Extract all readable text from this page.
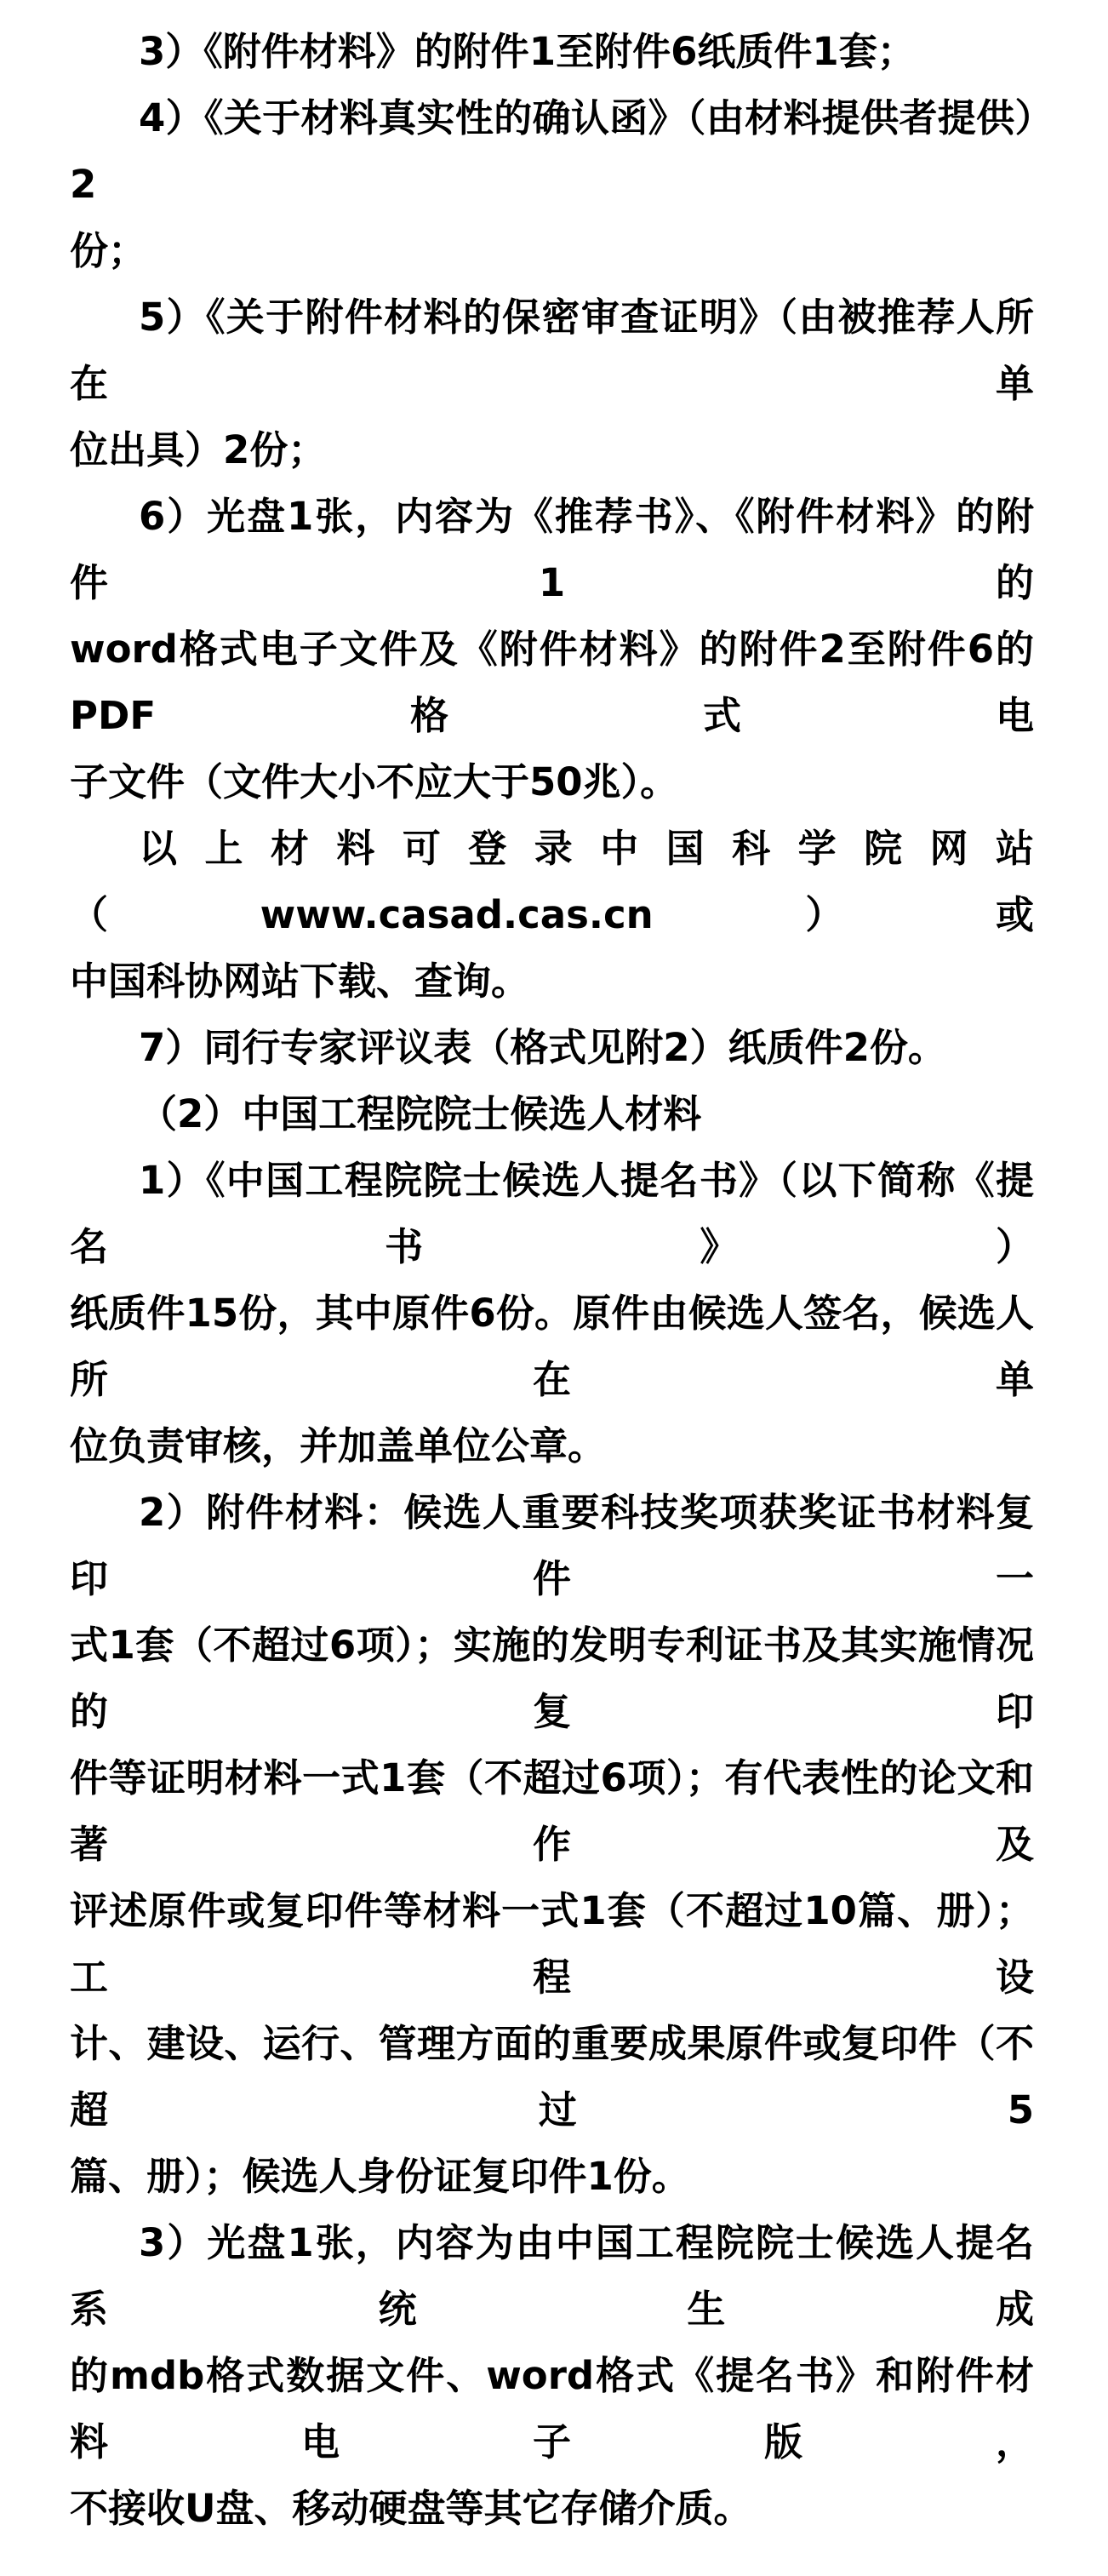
3）《附件材料》的附件1至附件6纸质件1套；

4）《关于材料真实性的确认函》（由材料提供者提供）2

份；

5）《关于附件材料的保密审查证明》（由被推荐人所在单

位出具）2份；

6）光盘1张，内容为《推荐书》、《附件材料》的附件1的

word格式电子文件及《附件材料》的附件2至附件6的PDF格式电

子文件（文件大小不应大于50兆）。

以上材料可登录中国科学院网站（www.casad.cas.cn）或

中国科协网站下载、查询。

7）同行专家评议表（格式见附2）纸质件2份。

（2）中国工程院院士候选人材料

1）《中国工程院院士候选人提名书》（以下简称《提名书》）

纸质件15份，其中原件6份。原件由候选人签名，候选人所在单

位负责审核，并加盖单位公章。

2）附件材料：候选人重要科技奖项获奖证书材料复印件一

式1套（不超过6项）；实施的发明专利证书及其实施情况的复印

件等证明材料一式1套（不超过6项）；有代表性的论文和著作及

评述原件或复印件等材料一式1套（不超过10篇、册）；工程设

计、建设、运行、管理方面的重要成果原件或复印件（不超过5

篇、册）；候选人身份证复印件1份。

3）光盘1张，内容为由中国工程院院士候选人提名系统生成

的mdb格式数据文件、word格式《提名书》和附件材料电子版，

不接收U盘、移动硬盘等其它存储介质。
